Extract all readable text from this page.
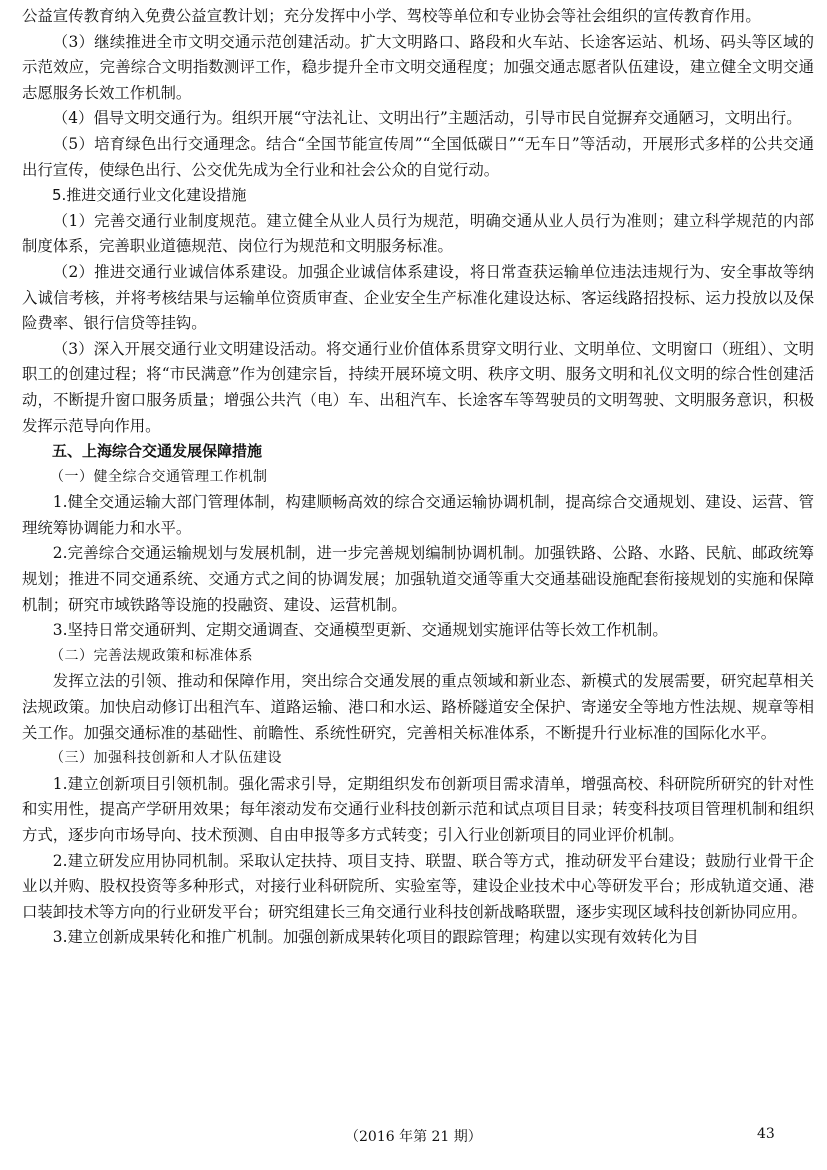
公益宣传教育纳入免费公益宣教计划；充分发挥中小学、驾校等单位和专业协会等社会组织的宣传教育作用。

（3）继续推进全市文明交通示范创建活动。扩大文明路口、路段和火车站、长途客运站、机场、码头等区域的示范效应，完善综合文明指数测评工作，稳步提升全市文明交通程度；加强交通志愿者队伍建设，建立健全文明交通志愿服务长效工作机制。

（4）倡导文明交通行为。组织开展“守法礼让、文明出行”主题活动，引导市民自觉摒弃交通陋习，文明出行。

（5）培育绿色出行交通理念。结合“全国节能宣传周”“全国低碳日”“无车日”等活动，开展形式多样的公共交通出行宣传，使绿色出行、公交优先成为全行业和社会公众的自觉行动。

5.推进交通行业文化建设措施

（1）完善交通行业制度规范。建立健全从业人员行为规范，明确交通从业人员行为准则；建立科学规范的内部制度体系，完善职业道德规范、岗位行为规范和文明服务标准。

（2）推进交通行业诚信体系建设。加强企业诚信体系建设，将日常查获运输单位违法违规行为、安全事故等纳入诚信考核，并将考核结果与运输单位资质审查、企业安全生产标准化建设达标、客运线路招投标、运力投放以及保险费率、银行信贷等挂钩。

（3）深入开展交通行业文明建设活动。将交通行业价值体系贯穿文明行业、文明单位、文明窗口（班组）、文明职工的创建过程；将“市民满意”作为创建宗旨，持续开展环境文明、秩序文明、服务文明和礼仪文明的综合性创建活动，不断提升窗口服务质量；增强公共汽（电）车、出租汽车、长途客车等驾驶员的文明驾驶、文明服务意识，积极发挥示范导向作用。

五、上海综合交通发展保障措施

（一）健全综合交通管理工作机制

1.健全交通运输大部门管理体制，构建顺畅高效的综合交通运输协调机制，提高综合交通规划、建设、运营、管理统筹协调能力和水平。

2.完善综合交通运输规划与发展机制，进一步完善规划编制协调机制。加强铁路、公路、水路、民航、邮政统筹规划；推进不同交通系统、交通方式之间的协调发展；加强轨道交通等重大交通基础设施配套衔接规划的实施和保障机制；研究市域铁路等设施的投融资、建设、运营机制。

3.坚持日常交通研判、定期交通调查、交通模型更新、交通规划实施评估等长效工作机制。

（二）完善法规政策和标准体系

发挥立法的引领、推动和保障作用，突出综合交通发展的重点领域和新业态、新模式的发展需要，研究起草相关法规政策。加快启动修订出租汽车、道路运输、港口和水运、路桥隧道安全保护、寄递安全等地方性法规、规章等相关工作。加强交通标准的基础性、前瞻性、系统性研究，完善相关标准体系，不断提升行业标准的国际化水平。

（三）加强科技创新和人才队伍建设

1.建立创新项目引领机制。强化需求引导，定期组织发布创新项目需求清单，增强高校、科研院所研究的针对性和实用性，提高产学研用效果；每年滚动发布交通行业科技创新示范和试点项目目录；转变科技项目管理机制和组织方式，逐步向市场导向、技术预测、自由申报等多方式转变；引入行业创新项目的同业评价机制。

2.建立研发应用协同机制。采取认定扶持、项目支持、联盟、联合等方式，推动研发平台建设；鼓励行业骨干企业以并购、股权投资等多种形式，对接行业科研院所、实验室等，建设企业技术中心等研发平台；形成轨道交通、港口装卸技术等方向的行业研发平台；研究组建长三角交通行业科技创新战略联盟，逐步实现区域科技创新协同应用。

3.建立创新成果转化和推广机制。加强创新成果转化项目的跟踪管理；构建以实现有效转化为目

（2016 年第 21 期）	43
